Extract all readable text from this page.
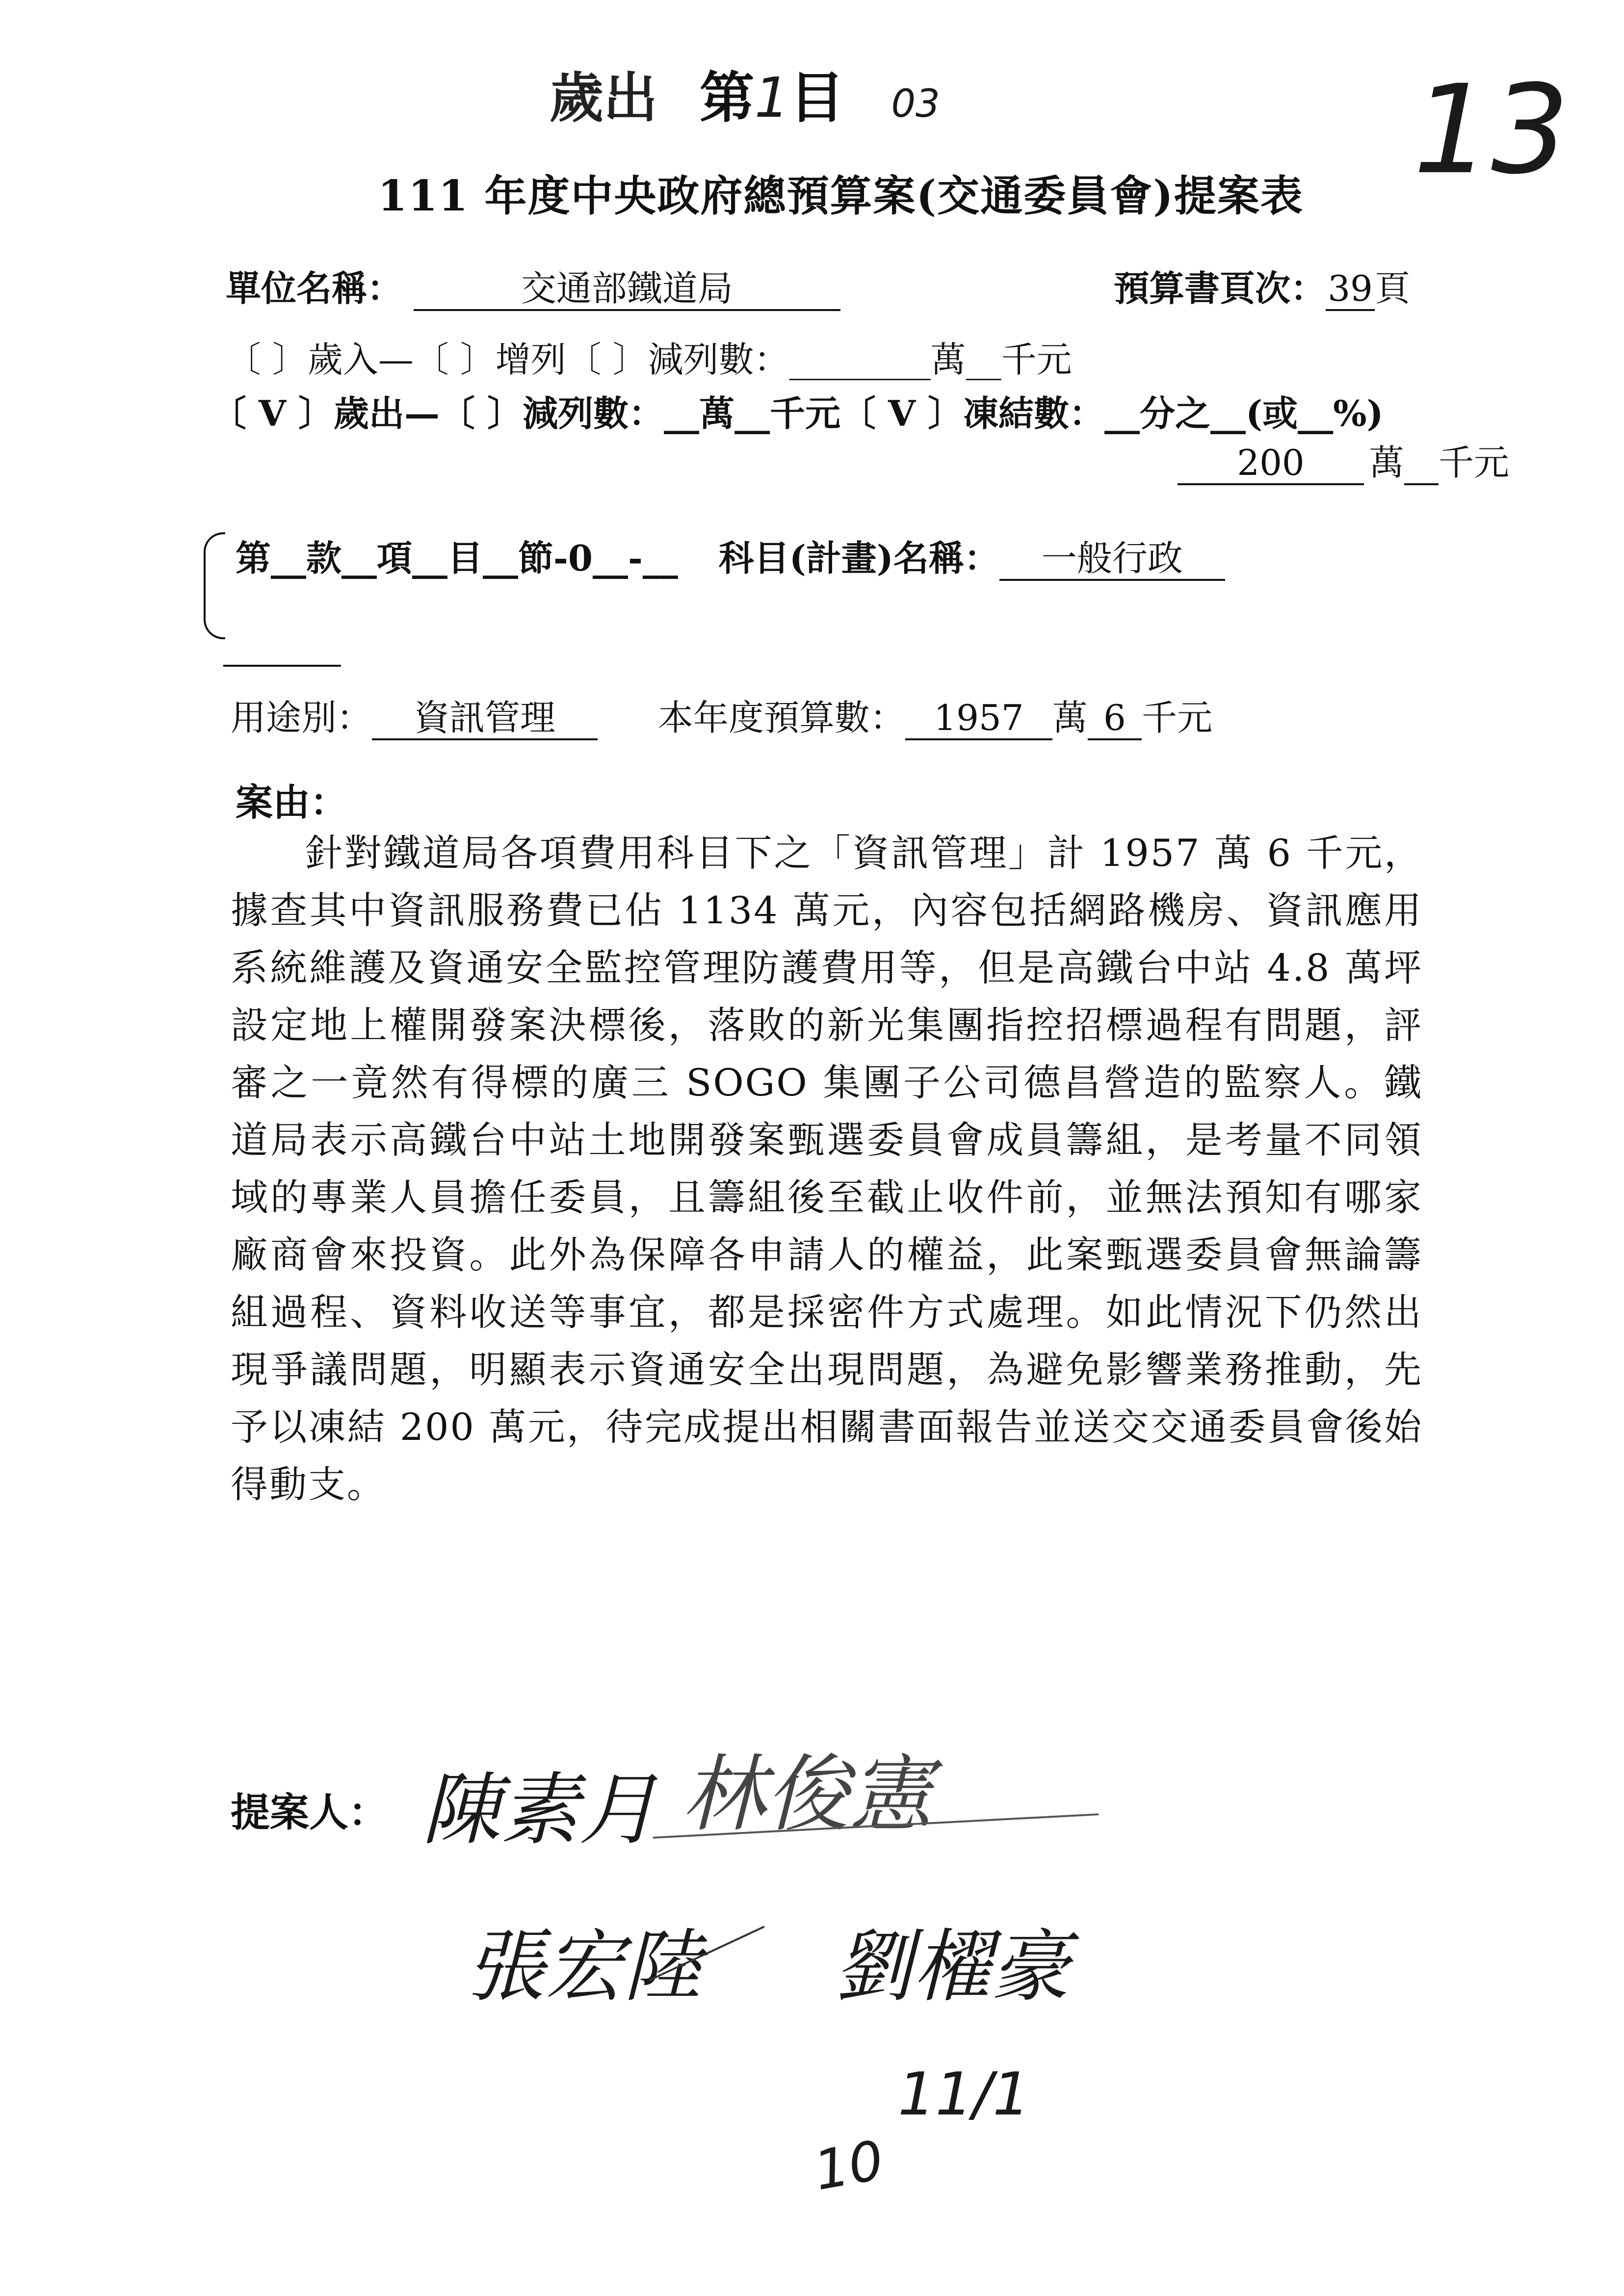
歲出 第1目 03
111 年度中央政府總預算案(交通委員會)提案表 13
單位名稱：	交通部鐵道局	預算書頁次：39頁
〔 〕歲入—〔 〕增列〔 〕減列數：________萬__千元
〔 V 〕歲出—〔 〕減列數：__萬__千元〔 V 〕凍結數：__分之__(或__%)
200 萬 千元
第__款__項__目__節-0__-__ 科目(計畫)名稱： 一般行政
用途別： 資訊管理	本年度預算數： 1957 萬 6 千元
案由：
針對鐵道局各項費用科目下之「資訊管理」計 1957 萬 6 千元，據查其中資訊服務費已佔 1134 萬元，內容包括網路機房、資訊應用系統維護及資通安全監控管理防護費用等，但是高鐵台中站 4.8 萬坪設定地上權開發案決標後，落敗的新光集團指控招標過程有問題，評審之一竟然有得標的廣三 SOGO 集團子公司德昌營造的監察人。鐵道局表示高鐵台中站土地開發案甄選委員會成員籌組，是考量不同領域的專業人員擔任委員，且籌組後至截止收件前，並無法預知有哪家廠商會來投資。此外為保障各申請人的權益，此案甄選委員會無論籌組過程、資料收送等事宜，都是採密件方式處理。如此情況下仍然出現爭議問題，明顯表示資通安全出現問題，為避免影響業務推動，先予以凍結 200 萬元，待完成提出相關書面報告並送交交通委員會後始得動支。
提案人： 陳素月 林俊憲
張宏陸 劉櫂豪
11/1
10
